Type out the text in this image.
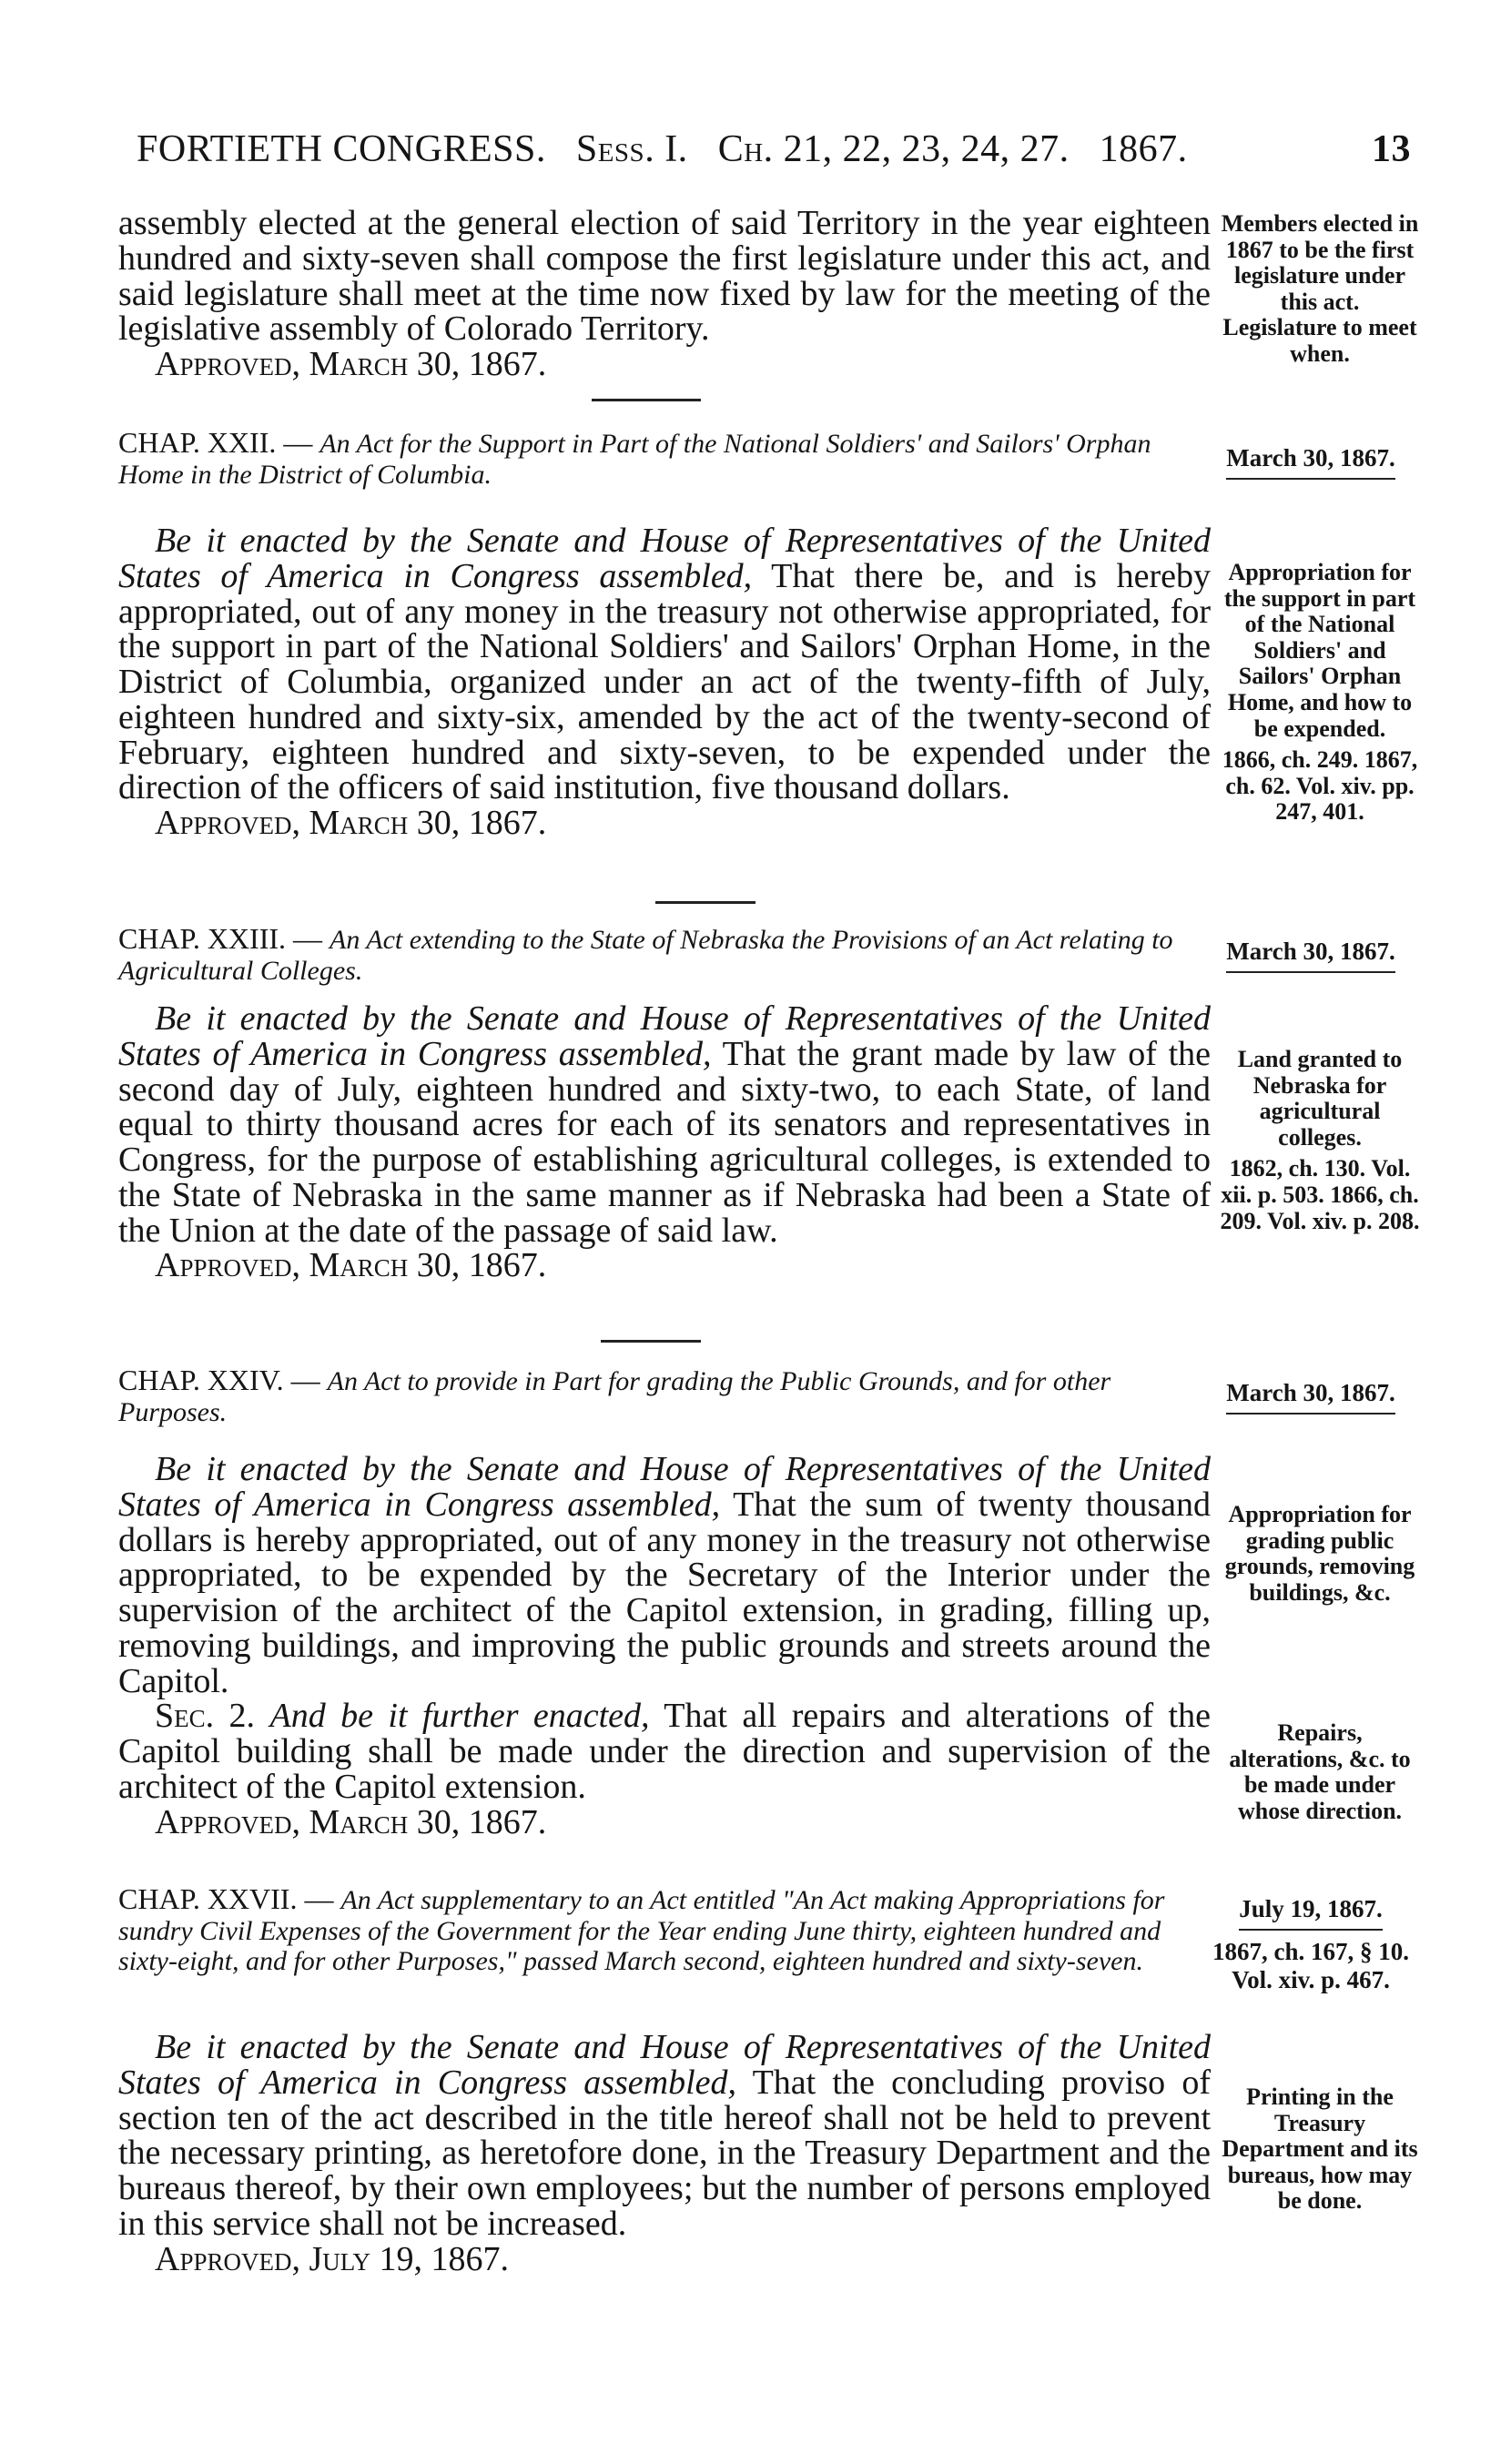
FORTIETH CONGRESS. Sess. I. Ch. 21, 22, 23, 24, 27. 1867.	13

assembly elected at the general election of said Territory in the year eighteen hundred and sixty-seven shall compose the first legislature under this act, and said legislature shall meet at the time now fixed by law for the meeting of the legislative assembly of Colorado Territory.

Approved, March 30, 1867.

Members elected in 1867 to be the first legislature under this act.

Legislature to meet when.

CHAP. XXII. — An Act for the Support in Part of the National Soldiers' and Sailors' Orphan Home in the District of Columbia.
March 30, 1867.

Be it enacted by the Senate and House of Representatives of the United States of America in Congress assembled, That there be, and is hereby appropriated, out of any money in the treasury not otherwise appropriated, for the support in part of the National Soldiers' and Sailors' Orphan Home, in the District of Columbia, organized under an act of the twenty-fifth of July, eighteen hundred and sixty-six, amended by the act of the twenty-second of February, eighteen hundred and sixty-seven, to be expended under the direction of the officers of said institution, five thousand dollars.

Approved, March 30, 1867.

Appropriation for the support in part of the National Soldiers' and Sailors' Orphan Home, and how to be expended.

1866, ch. 249. 1867, ch. 62. Vol. xiv. pp. 247, 401.

CHAP. XXIII. — An Act extending to the State of Nebraska the Provisions of an Act relating to Agricultural Colleges.
March 30, 1867.

Be it enacted by the Senate and House of Representatives of the United States of America in Congress assembled, That the grant made by law of the second day of July, eighteen hundred and sixty-two, to each State, of land equal to thirty thousand acres for each of its senators and representatives in Congress, for the purpose of establishing agricultural colleges, is extended to the State of Nebraska in the same manner as if Nebraska had been a State of the Union at the date of the passage of said law.

Approved, March 30, 1867.

Land granted to Nebraska for agricultural colleges.

1862, ch. 130. Vol. xii. p. 503. 1866, ch. 209. Vol. xiv. p. 208.

CHAP. XXIV. — An Act to provide in Part for grading the Public Grounds, and for other Purposes.
March 30, 1867.

Be it enacted by the Senate and House of Representatives of the United States of America in Congress assembled, That the sum of twenty thousand dollars is hereby appropriated, out of any money in the treasury not otherwise appropriated, to be expended by the Secretary of the Interior under the supervision of the architect of the Capitol extension, in grading, filling up, removing buildings, and improving the public grounds and streets around the Capitol.

Sec. 2. And be it further enacted, That all repairs and alterations of the Capitol building shall be made under the direction and supervision of the architect of the Capitol extension.

Approved, March 30, 1867.

Appropriation for grading public grounds, removing buildings, &c.

Repairs, alterations, &c. to be made under whose direction.

CHAP. XXVII. — An Act supplementary to an Act entitled "An Act making Appropriations for sundry Civil Expenses of the Government for the Year ending June thirty, eighteen hundred and sixty-eight, and for other Purposes," passed March second, eighteen hundred and sixty-seven.
July 19, 1867.
1867, ch. 167, § 10. Vol. xiv. p. 467.

Be it enacted by the Senate and House of Representatives of the United States of America in Congress assembled, That the concluding proviso of section ten of the act described in the title hereof shall not be held to prevent the necessary printing, as heretofore done, in the Treasury Department and the bureaus thereof, by their own employees; but the number of persons employed in this service shall not be increased.

Approved, July 19, 1867.

Printing in the Treasury Department and its bureaus, how may be done.
